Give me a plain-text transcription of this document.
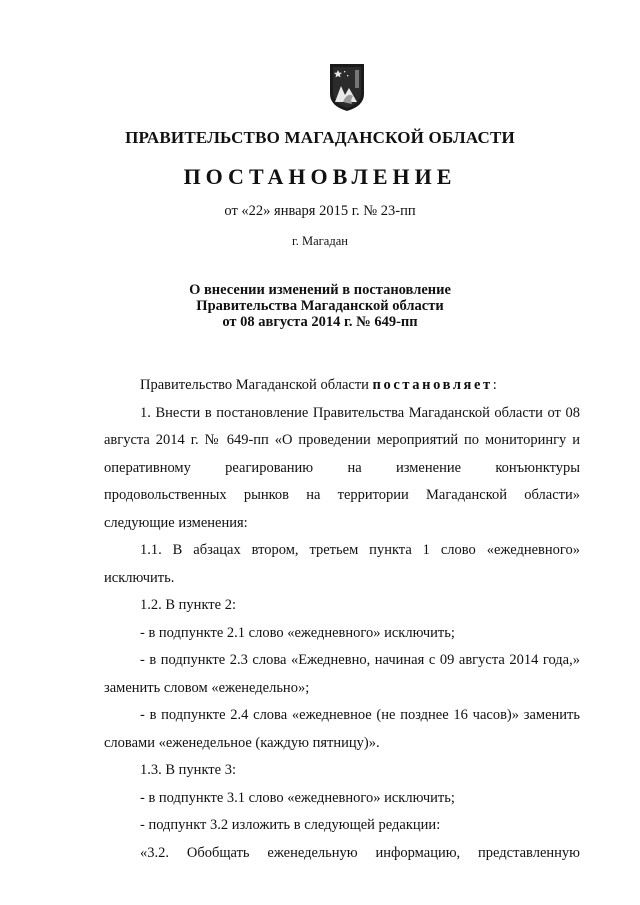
ПРАВИТЕЛЬСТВО МАГАДАНСКОЙ ОБЛАСТИ
ПОСТАНОВЛЕНИЕ
от «22» января 2015 г. № 23-пп
г. Магадан
О внесении изменений в постановление
Правительства Магаданской области
от 08 августа 2014 г. № 649-пп

Правительство Магаданской области постановляет:

1. Внести в постановление Правительства Магаданской области от 08 августа 2014 г. № 649-пп «О проведении мероприятий по мониторингу и оперативному реагированию на изменение конъюнктуры продовольственных рынков на территории Магаданской области» следующие изменения:

1.1. В абзацах втором, третьем пункта 1 слово «ежедневного» исключить.

1.2. В пункте 2:

- в подпункте 2.1 слово «ежедневного» исключить;

- в подпункте 2.3 слова «Ежедневно, начиная с 09 августа 2014 года,» заменить словом «еженедельно»;

- в подпункте 2.4 слова «ежедневное (не позднее 16 часов)» заменить словами «еженедельное (каждую пятницу)».

1.3. В пункте 3:

- в подпункте 3.1 слово «ежедневного» исключить;

- подпункт 3.2 изложить в следующей редакции:

«3.2. Обобщать еженедельную информацию, представленную
